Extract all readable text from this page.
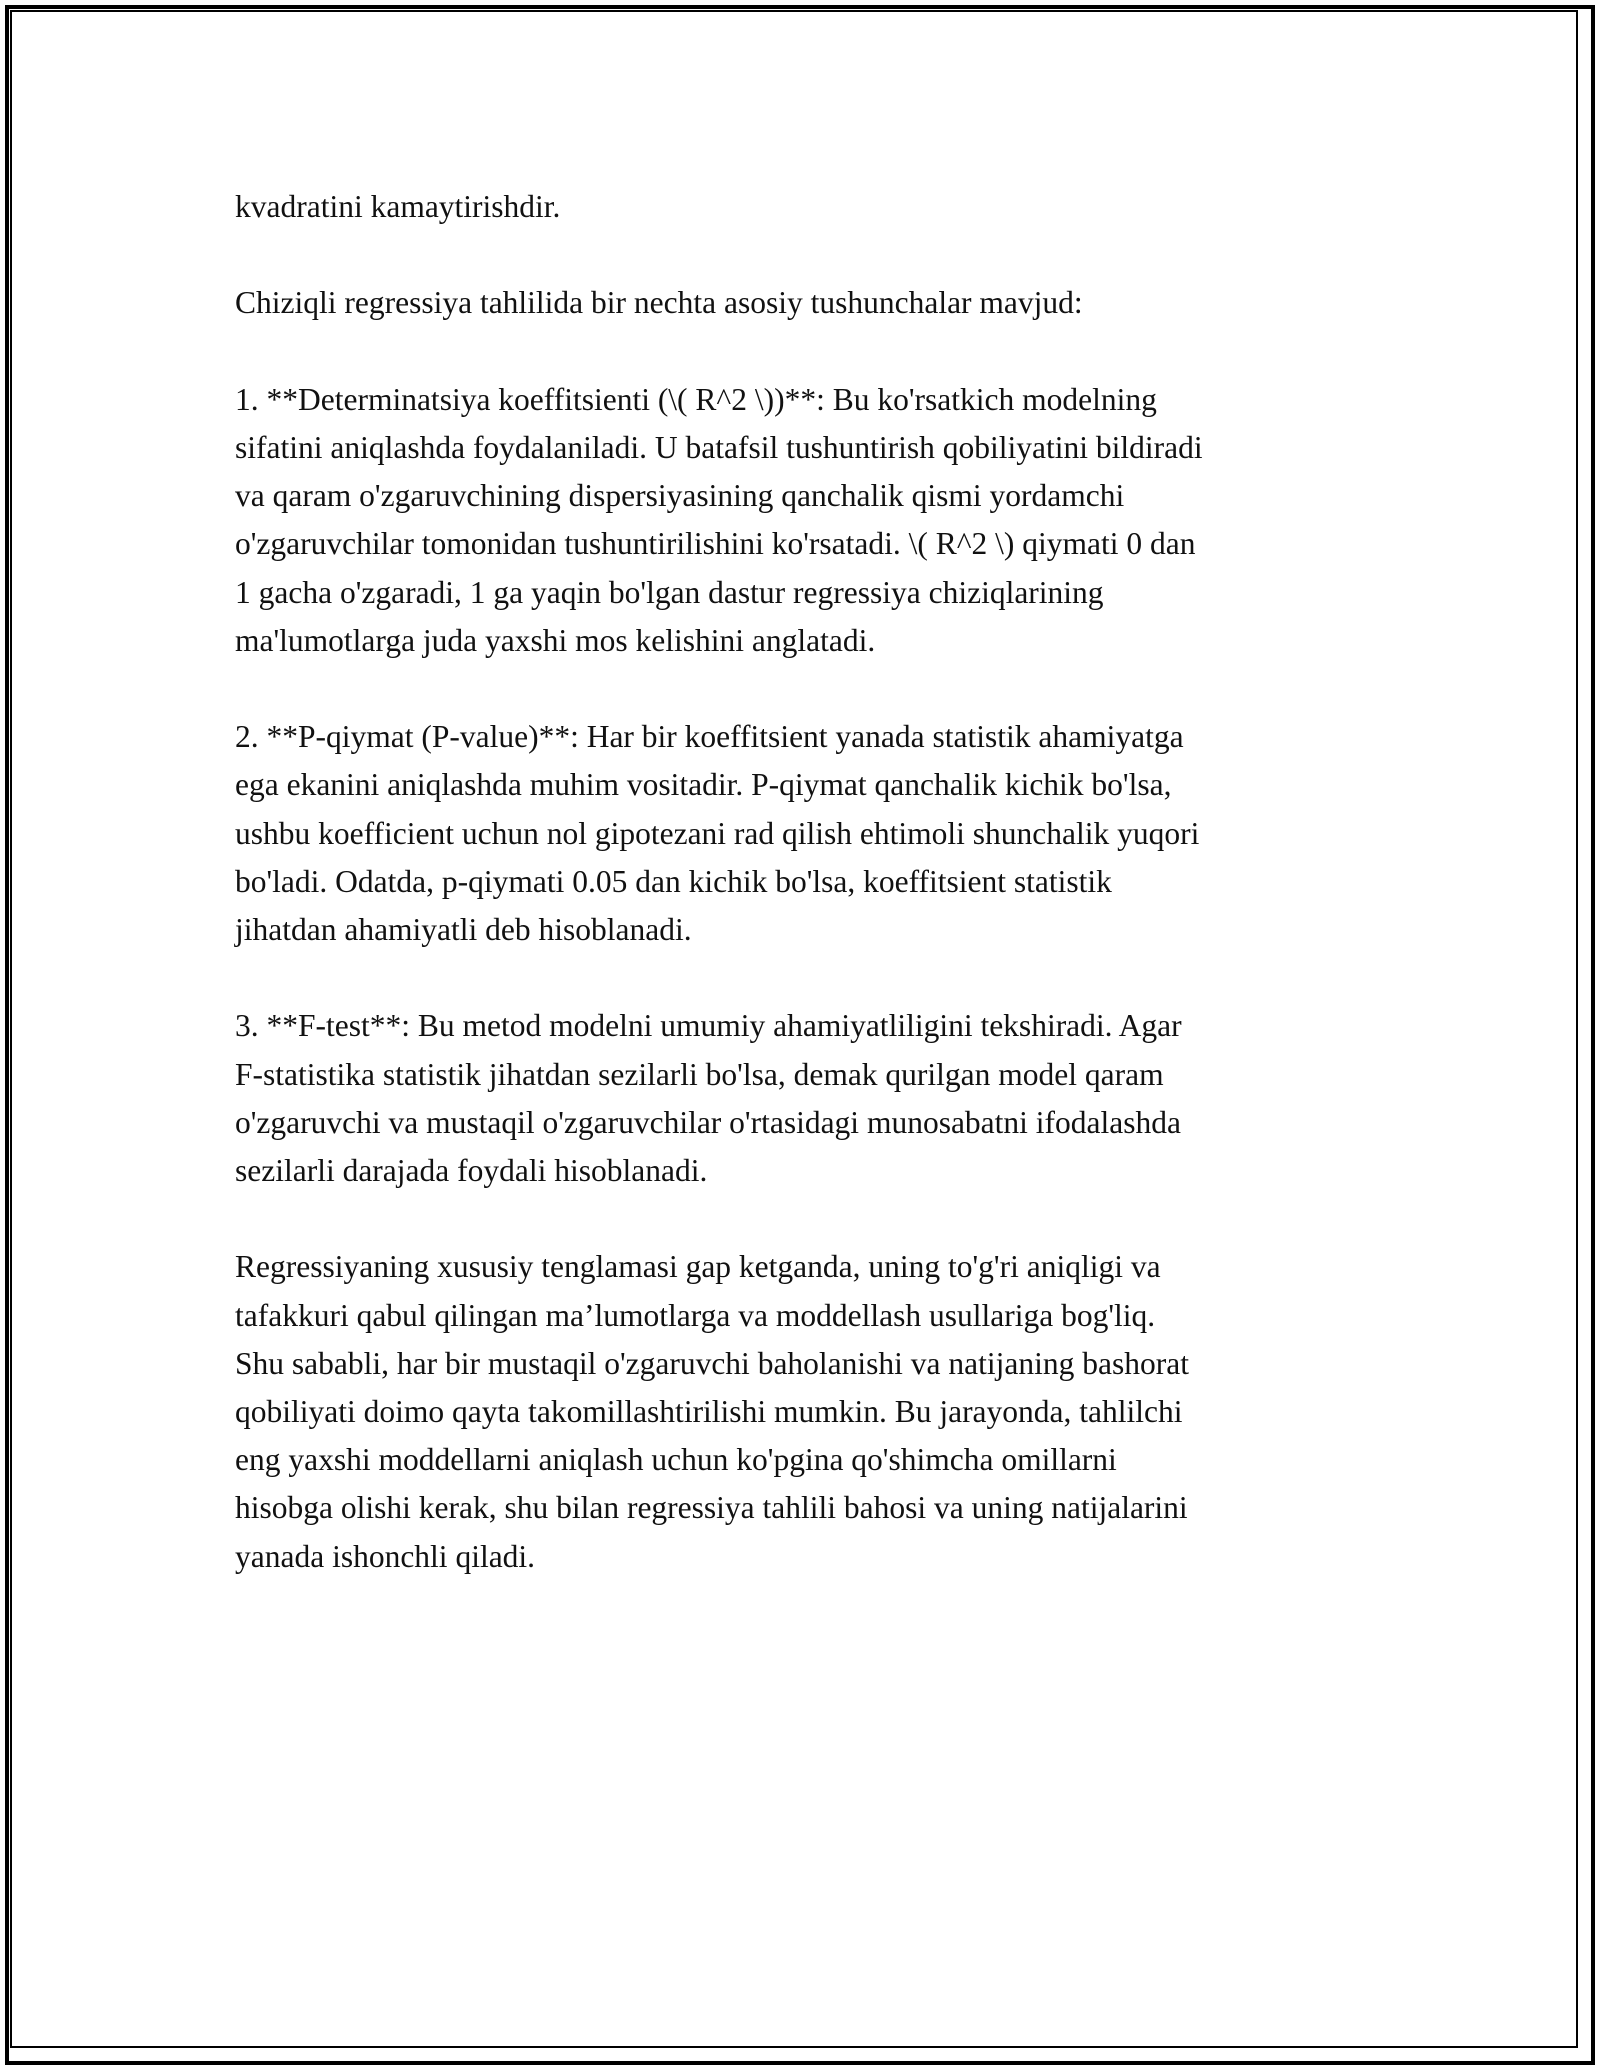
kvadratini kamaytirishdir.

Chiziqli regressiya tahlilida bir nechta asosiy tushunchalar mavjud:

1. **Determinatsiya koeffitsienti (\( R^2 \))**: Bu ko'rsatkich modelning
sifatini aniqlashda foydalaniladi. U batafsil tushuntirish qobiliyatini bildiradi
va qaram o'zgaruvchining dispersiyasining qanchalik qismi yordamchi
o'zgaruvchilar tomonidan tushuntirilishini ko'rsatadi. \( R^2 \) qiymati 0 dan
1 gacha o'zgaradi, 1 ga yaqin bo'lgan dastur regressiya chiziqlarining
ma'lumotlarga juda yaxshi mos kelishini anglatadi.

2. **P-qiymat (P-value)**: Har bir koeffitsient yanada statistik ahamiyatga
ega ekanini aniqlashda muhim vositadir. P-qiymat qanchalik kichik bo'lsa,
ushbu koefficient uchun nol gipotezani rad qilish ehtimoli shunchalik yuqori
bo'ladi. Odatda, p-qiymati 0.05 dan kichik bo'lsa, koeffitsient statistik
jihatdan ahamiyatli deb hisoblanadi.

3. **F-test**: Bu metod modelni umumiy ahamiyatliligini tekshiradi. Agar
F-statistika statistik jihatdan sezilarli bo'lsa, demak qurilgan model qaram
o'zgaruvchi va mustaqil o'zgaruvchilar o'rtasidagi munosabatni ifodalashda
sezilarli darajada foydali hisoblanadi.

Regressiyaning xususiy tenglamasi gap ketganda, uning to'g'ri aniqligi va
tafakkuri qabul qilingan ma’lumotlarga va moddellash usullariga bog'liq.
Shu sababli, har bir mustaqil o'zgaruvchi baholanishi va natijaning bashorat
qobiliyati doimo qayta takomillashtirilishi mumkin. Bu jarayonda, tahlilchi
eng yaxshi moddellarni aniqlash uchun ko'pgina qo'shimcha omillarni
hisobga olishi kerak, shu bilan regressiya tahlili bahosi va uning natijalarini
yanada ishonchli qiladi.
